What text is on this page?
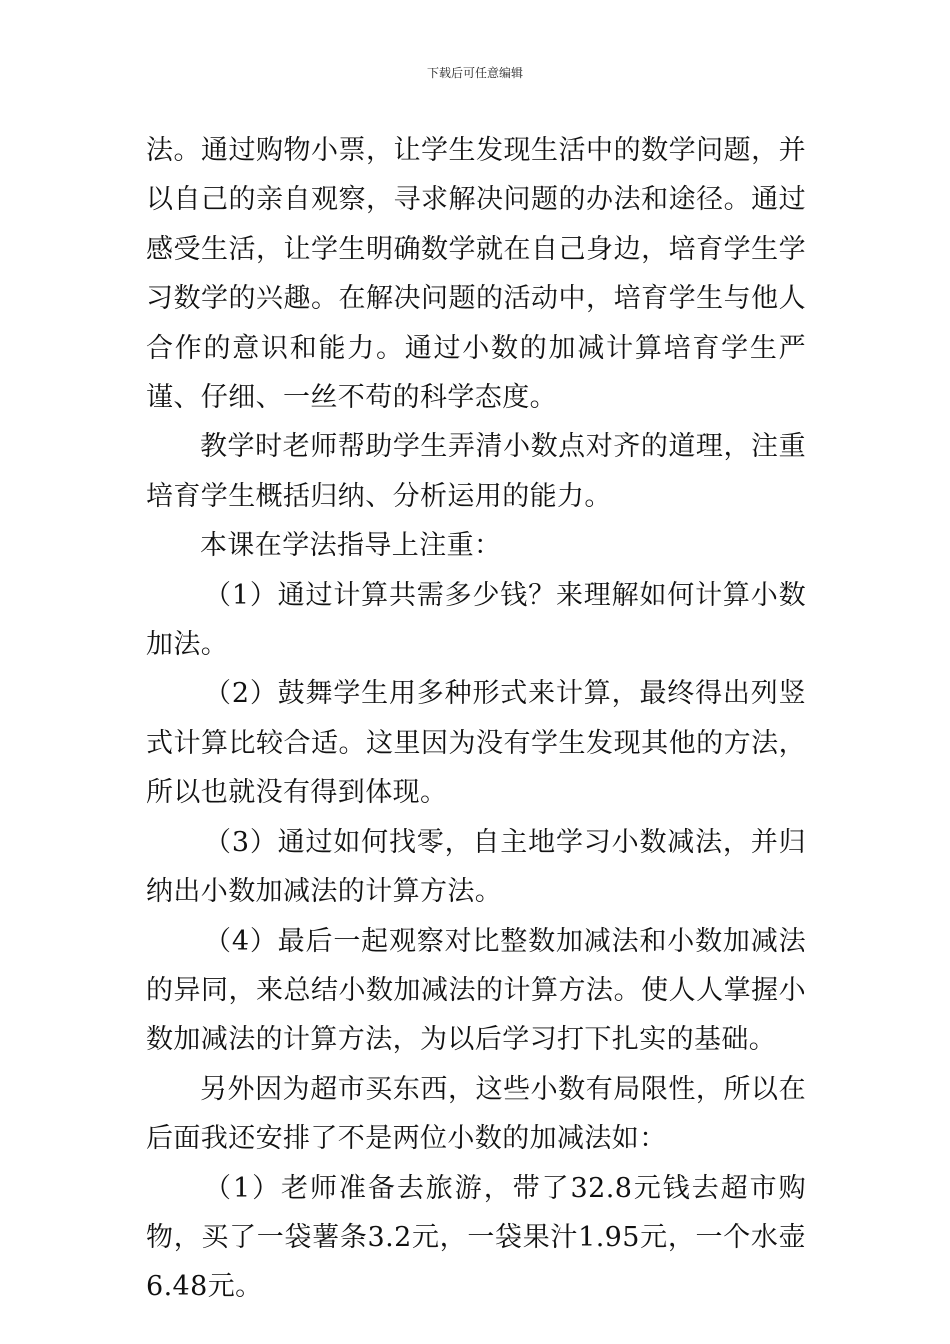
下载后可任意编辑

法。通过购物小票，让学生发现生活中的数学问题，并以自己的亲自观察，寻求解决问题的办法和途径。通过感受生活，让学生明确数学就在自己身边，培育学生学习数学的兴趣。在解决问题的活动中，培育学生与他人合作的意识和能力。通过小数的加减计算培育学生严谨、仔细、一丝不苟的科学态度。

教学时老师帮助学生弄清小数点对齐的道理，注重培育学生概括归纳、分析运用的能力。

本课在学法指导上注重：

（1）通过计算共需多少钱？来理解如何计算小数加法。

（2）鼓舞学生用多种形式来计算，最终得出列竖式计算比较合适。这里因为没有学生发现其他的方法，所以也就没有得到体现。

（3）通过如何找零，自主地学习小数减法，并归纳出小数加减法的计算方法。

（4）最后一起观察对比整数加减法和小数加减法的异同，来总结小数加减法的计算方法。使人人掌握小数加减法的计算方法，为以后学习打下扎实的基础。

另外因为超市买东西，这些小数有局限性，所以在后面我还安排了不是两位小数的加减法如：

（1）老师准备去旅游，带了32.8元钱去超市购物，买了一袋薯条3.2元，一袋果汁1.95元，一个水壶6.48元。
